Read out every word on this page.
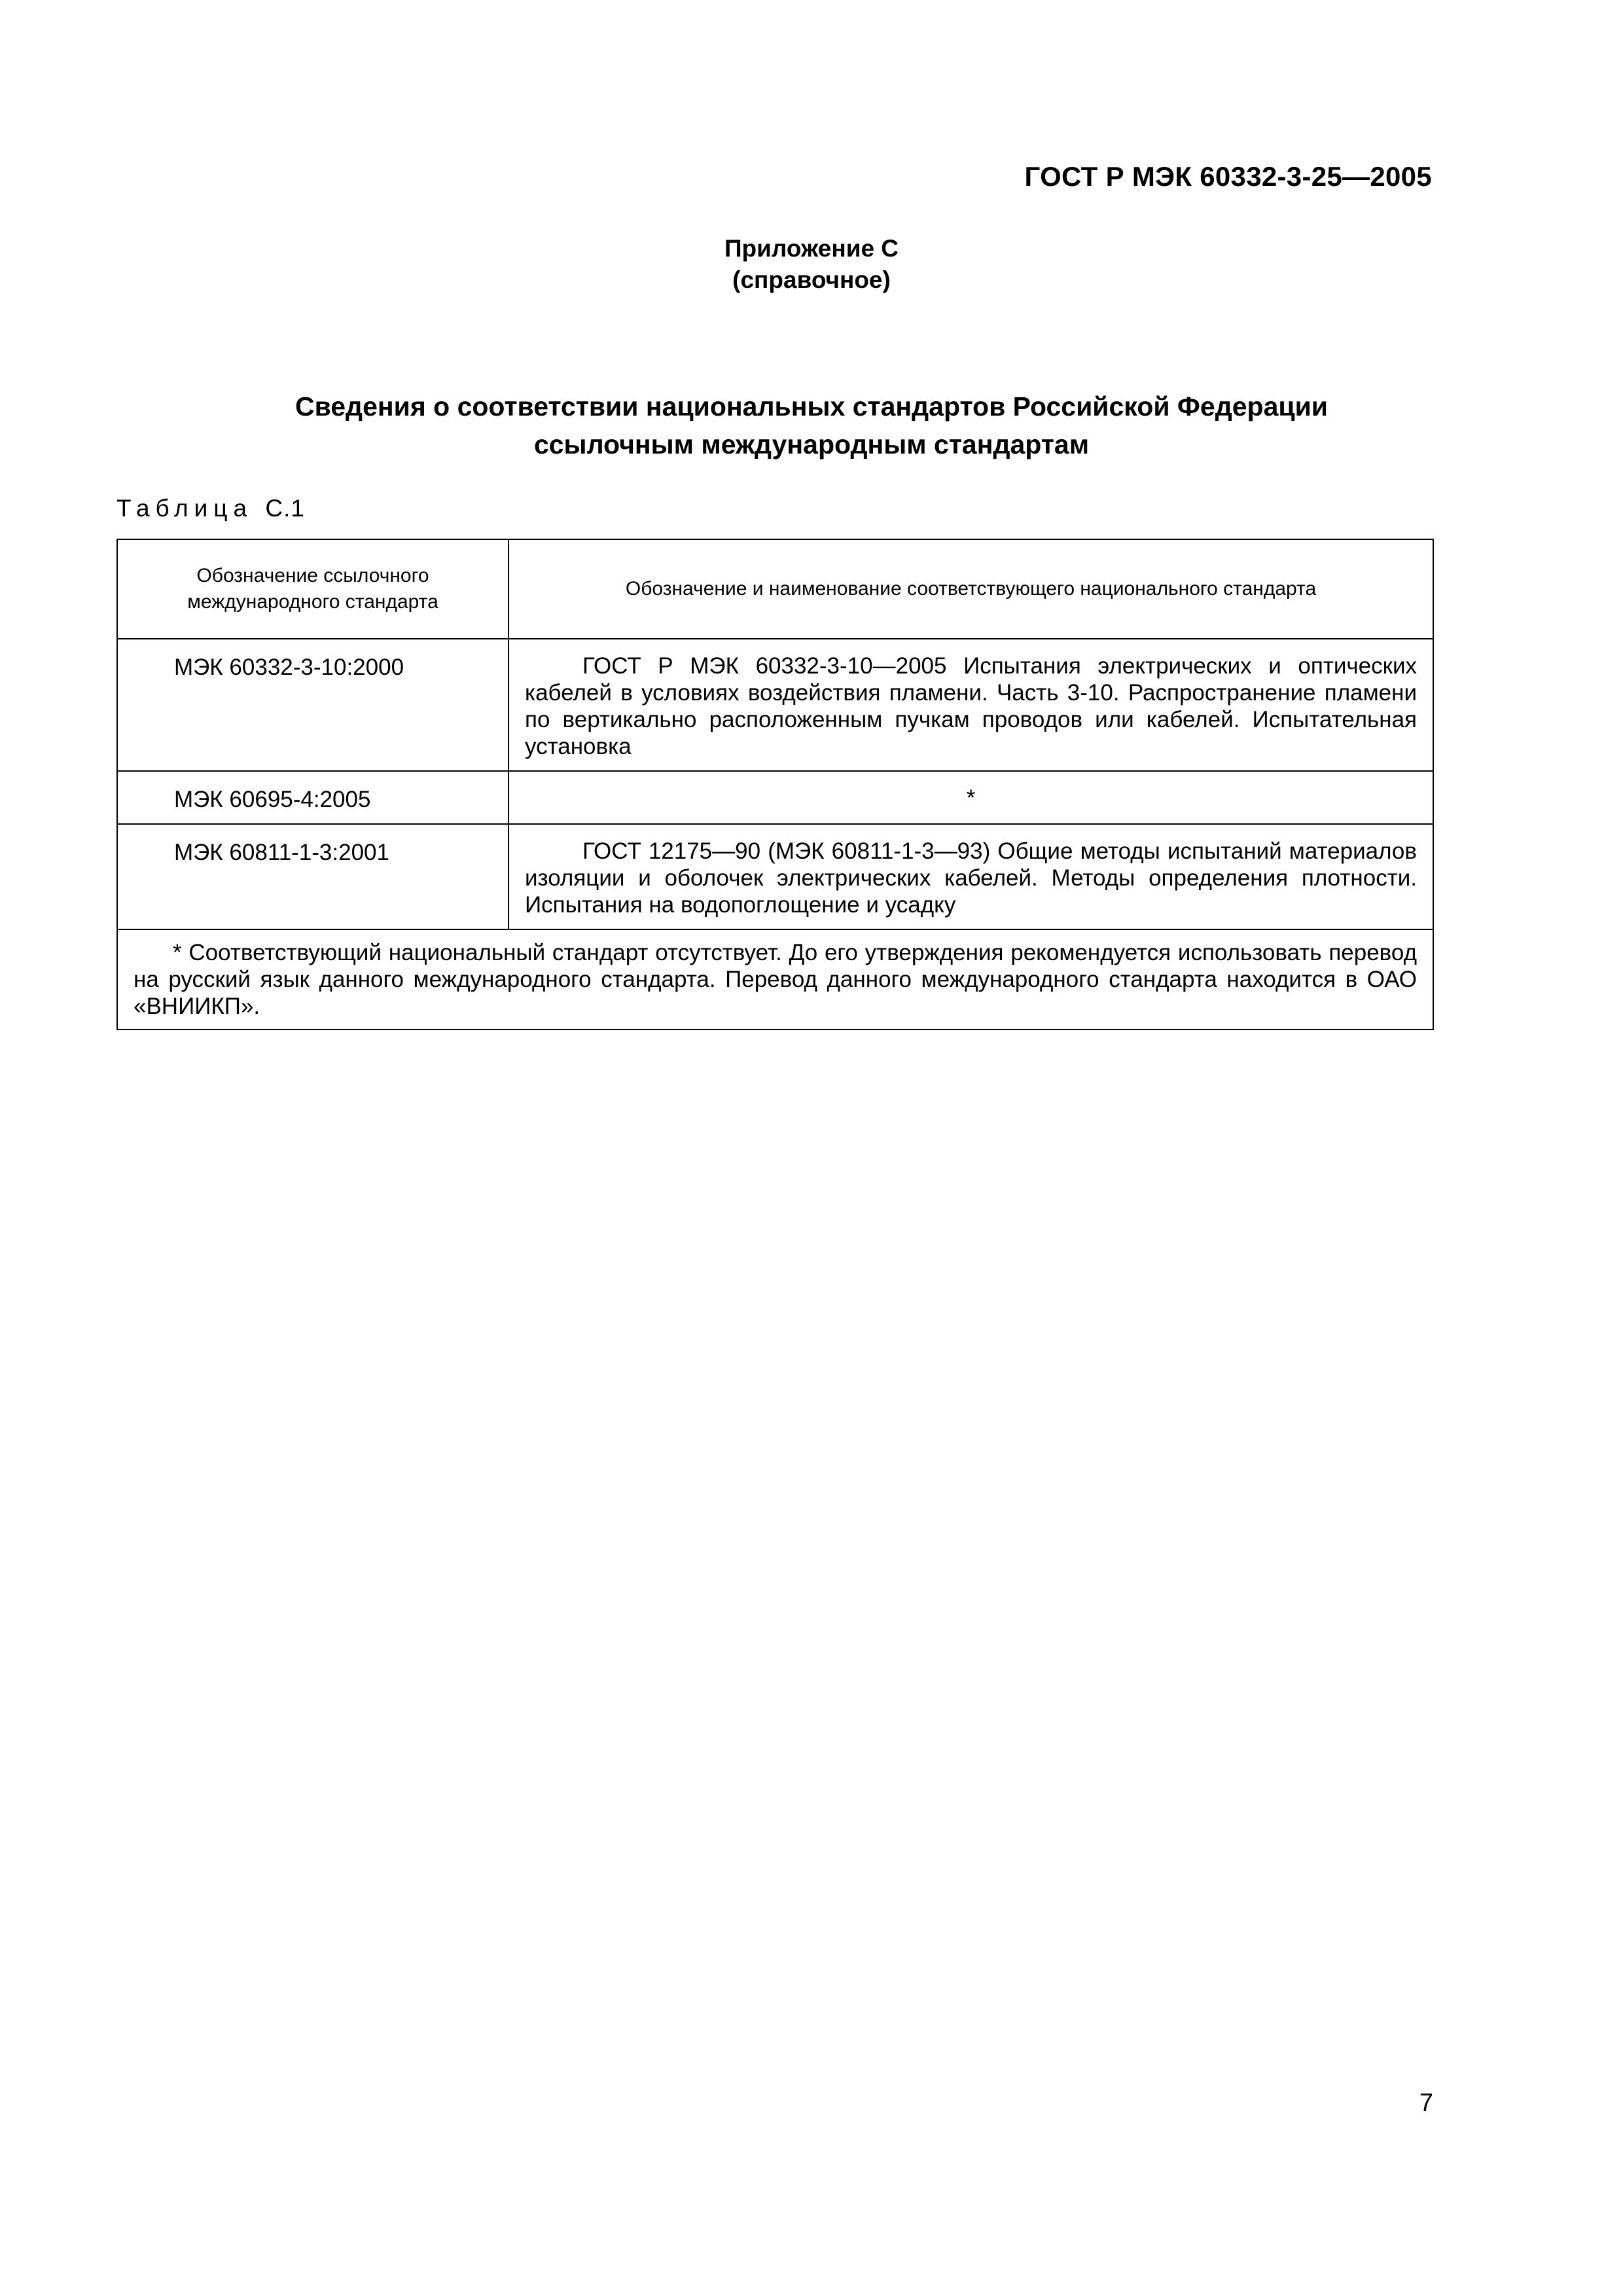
ГОСТ Р МЭК 60332-3-25—2005
Приложение С
(справочное)
Сведения о соответствии национальных стандартов Российской Федерации
ссылочным международным стандартам
Таблица С.1
Обозначение ссылочного международного стандарта	Обозначение и наименование соответствующего национального стандарта
МЭК 60332-3-10:2000	ГОСТ Р МЭК 60332-3-10—2005 Испытания электрических и оптических кабелей в условиях воздействия пламени. Часть 3-10. Распространение пламени по вертикально расположенным пучкам проводов или кабелей. Испытательная установка
МЭК 60695-4:2005	*
МЭК 60811-1-3:2001	ГОСТ 12175—90 (МЭК 60811-1-3—93) Общие методы испытаний материалов изоляции и оболочек электрических кабелей. Методы определения плотности. Испытания на водопоглощение и усадку
* Соответствующий национальный стандарт отсутствует. До его утверждения рекомендуется использовать перевод на русский язык данного международного стандарта. Перевод данного международного стандарта находится в ОАО «ВНИИКП».	
7
